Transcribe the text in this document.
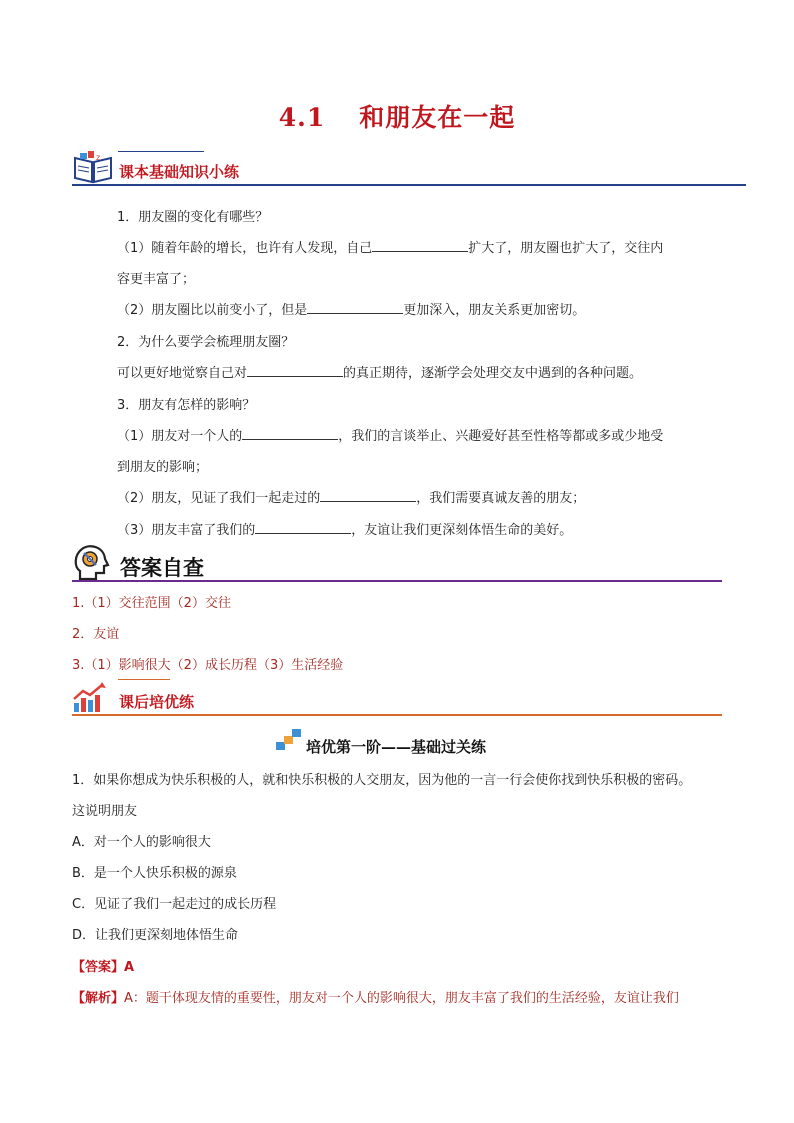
4.1 和朋友在一起
z
课本基础知识小练
1．朋友圈的变化有哪些？
（1）随着年龄的增长，也许有人发现，自己	扩大了，朋友圈也扩大了，交往内
容更丰富了；
（2）朋友圈比以前变小了，但是	更加深入，朋友关系更加密切。
2．为什么要学会梳理朋友圈？
可以更好地觉察自己对	的真正期待，逐渐学会处理交友中遇到的各种问题。
3．朋友有怎样的影响？
（1）朋友对一个人的	，我们的言谈举止、兴趣爱好甚至性格等都或多或少地受
到朋友的影响；
（2）朋友，见证了我们一起走过的	，我们需要真诚友善的朋友；
（3）朋友丰富了我们的	，友谊让我们更深刻体悟生命的美好。
答案自查
1.（1）交往范围（2）交往
2．友谊
3.（1）影响很大（2）成长历程（3）生活经验
课后培优练
培优第一阶——基础过关练
1．如果你想成为快乐积极的人，就和快乐积极的人交朋友，因为他的一言一行会使你找到快乐积极的密码。
这说明朋友
A．对一个人的影响很大
B．是一个人快乐积极的源泉
C．见证了我们一起走过的成长历程
D．让我们更深刻地体悟生命
【答案】A
【解析】A：题干体现友情的重要性，朋友对一个人的影响很大，朋友丰富了我们的生活经验，友谊让我们
